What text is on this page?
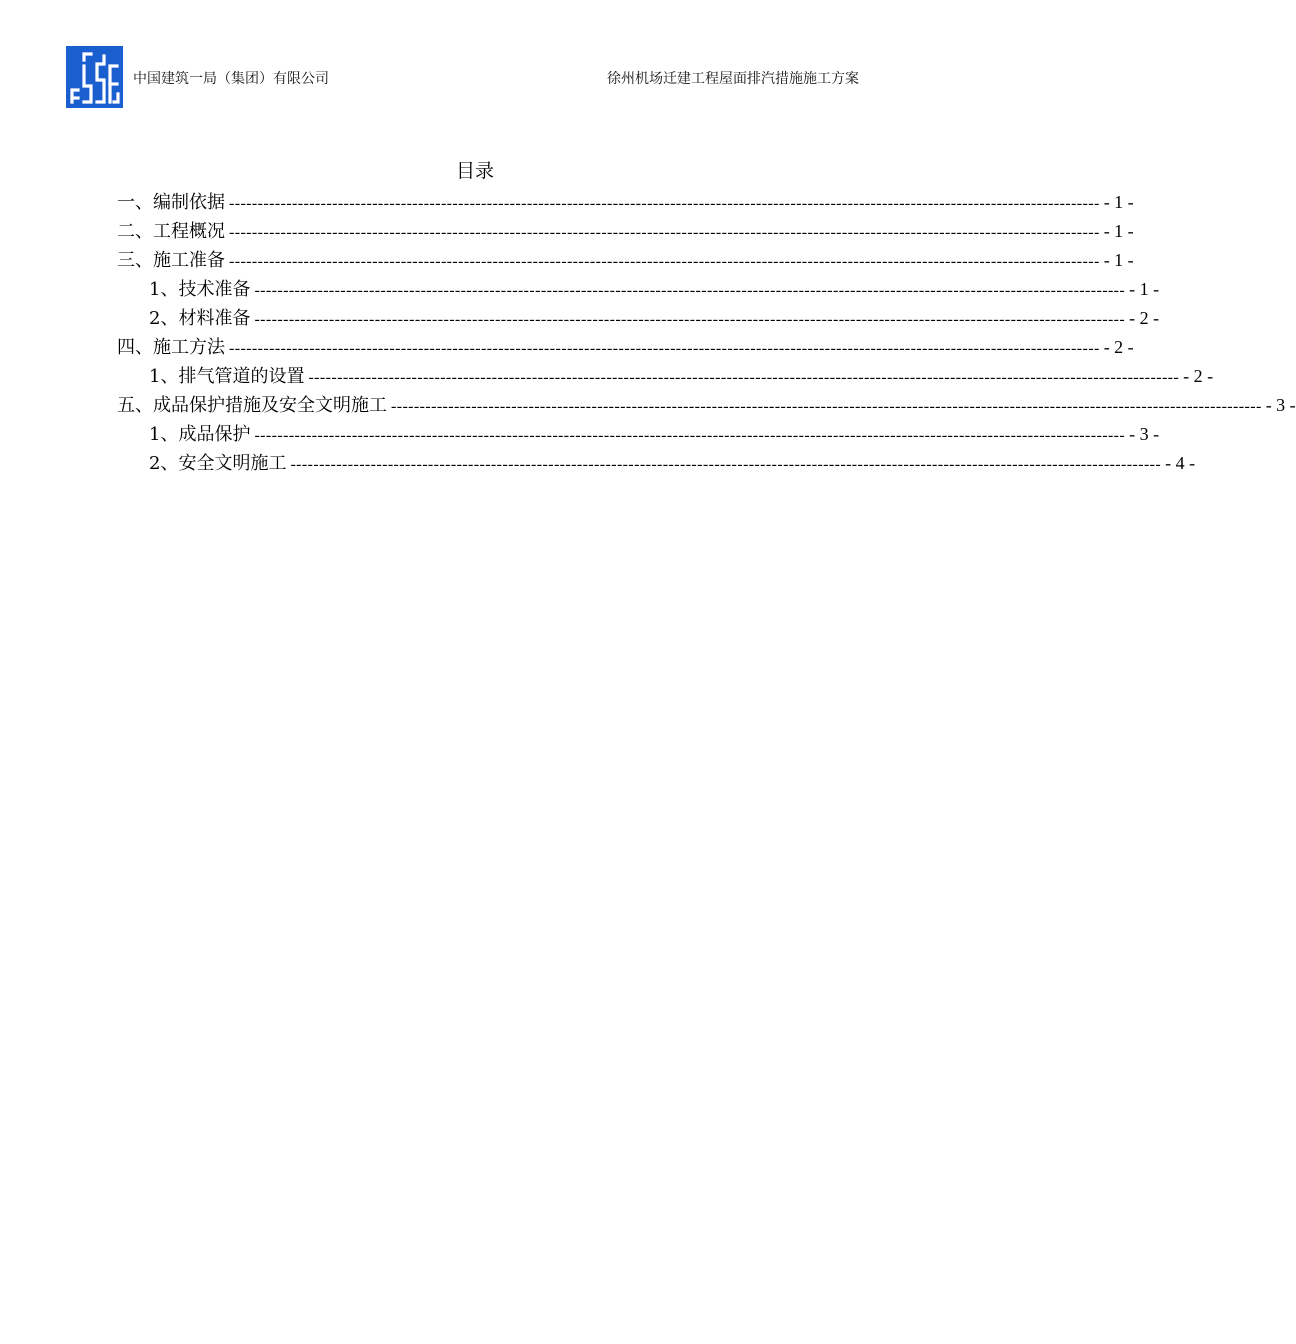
中国建筑一局（集团）有限公司	徐州机场迁建工程屋面排汽措施施工方案
目录
一、编制依据 -------------------------------------------------------------------------------------------------------------------------------------------------------- - 1 -
二、工程概况 -------------------------------------------------------------------------------------------------------------------------------------------------------- - 1 -
三、施工准备 -------------------------------------------------------------------------------------------------------------------------------------------------------- - 1 -
1、技术准备 -------------------------------------------------------------------------------------------------------------------------------------------------------- - 1 -
2、材料准备 -------------------------------------------------------------------------------------------------------------------------------------------------------- - 2 -
四、施工方法 -------------------------------------------------------------------------------------------------------------------------------------------------------- - 2 -
1、排气管道的设置 -------------------------------------------------------------------------------------------------------------------------------------------------------- - 2 -
五、成品保护措施及安全文明施工 -------------------------------------------------------------------------------------------------------------------------------------------------------- - 3 -
1、成品保护 -------------------------------------------------------------------------------------------------------------------------------------------------------- - 3 -
2、安全文明施工 -------------------------------------------------------------------------------------------------------------------------------------------------------- - 4 -
